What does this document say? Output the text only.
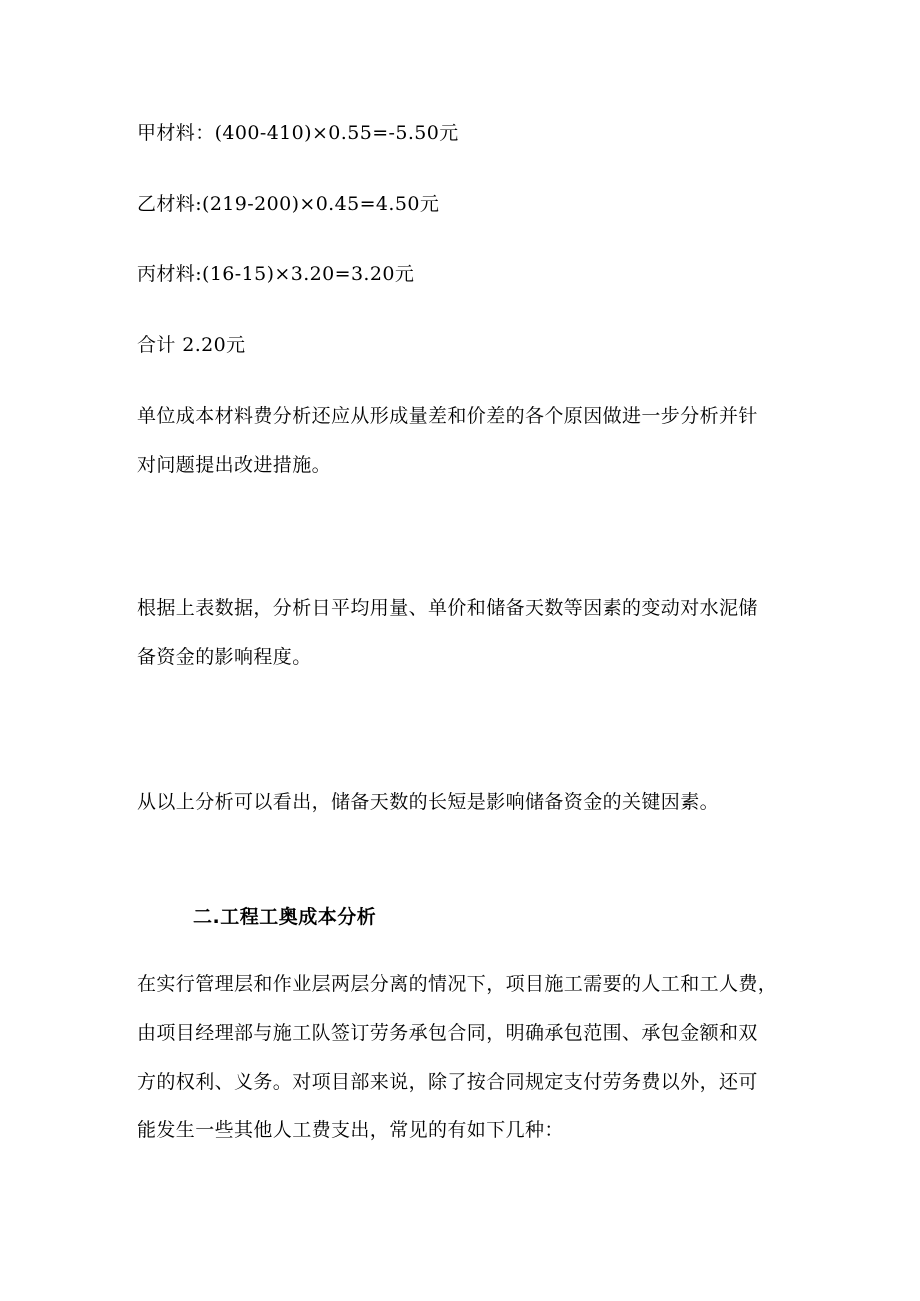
甲材料：(400-410)×0.55=-5.50元
乙材料:(219-200)×0.45=4.50元
丙材料:(16-15)×3.20=3.20元
合计 2.20元
单位成本材料费分析还应从形成量差和价差的各个原因做进一步分析并针
对问题提出改进措施。
根据上表数据，分析日平均用量、单价和储备天数等因素的变动对水泥储
备资金的影响程度。
从以上分析可以看出，储备天数的长短是影响储备资金的关键因素。
二.工程工奥成本分析
在实行管理层和作业层两层分离的情况下，项目施工需要的人工和工人费，
由项目经理部与施工队签订劳务承包合同，明确承包范围、承包金额和双
方的权利、义务。对项目部来说，除了按合同规定支付劳务费以外，还可
能发生一些其他人工费支出，常见的有如下几种：
